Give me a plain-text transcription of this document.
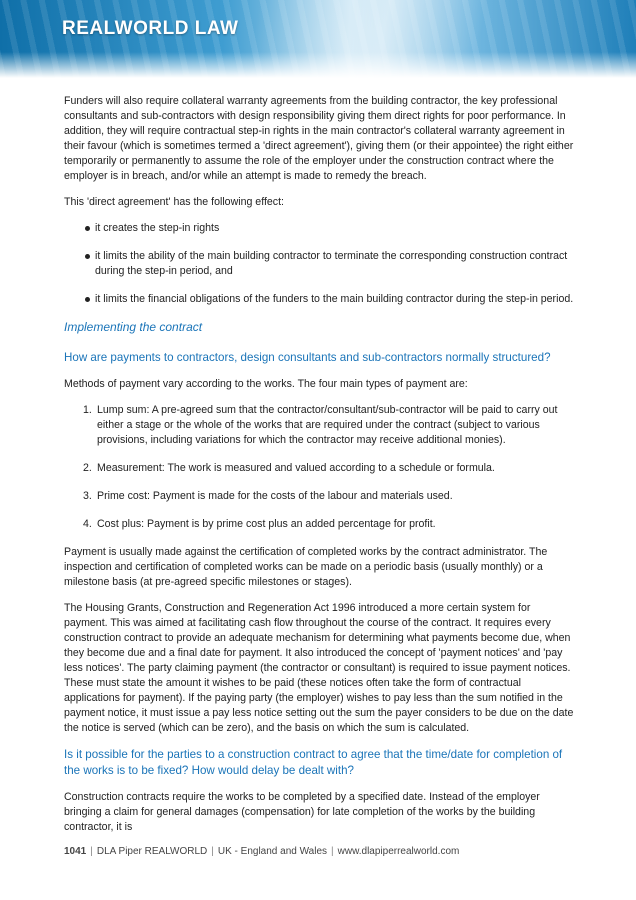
REALWORLD LAW

Funders will also require collateral warranty agreements from the building contractor, the key professional consultants and sub-contractors with design responsibility giving them direct rights for poor performance. In addition, they will require contractual step-in rights in the main contractor's collateral warranty agreement in their favour (which is sometimes termed a 'direct agreement'), giving them (or their appointee) the right either temporarily or permanently to assume the role of the employer under the construction contract where the employer is in breach, and/or while an attempt is made to remedy the breach.

This 'direct agreement' has the following effect:

it creates the step-in rights
it limits the ability of the main building contractor to terminate the corresponding construction contract during the step-in period, and
it limits the financial obligations of the funders to the main building contractor during the step-in period.
Implementing the contract
How are payments to contractors, design consultants and sub-contractors normally structured?

Methods of payment vary according to the works. The four main types of payment are:

1. Lump sum: A pre-agreed sum that the contractor/consultant/sub-contractor will be paid to carry out either a stage or the whole of the works that are required under the contract (subject to various provisions, including variations for which the contractor may receive additional monies).
2. Measurement: The work is measured and valued according to a schedule or formula.
3. Prime cost: Payment is made for the costs of the labour and materials used.
4. Cost plus: Payment is by prime cost plus an added percentage for profit.

Payment is usually made against the certification of completed works by the contract administrator. The inspection and certification of completed works can be made on a periodic basis (usually monthly) or a milestone basis (at pre-agreed specific milestones or stages).

The Housing Grants, Construction and Regeneration Act 1996 introduced a more certain system for payment. This was aimed at facilitating cash flow throughout the course of the contract. It requires every construction contract to provide an adequate mechanism for determining what payments become due, when they become due and a final date for payment. It also introduced the concept of 'payment notices' and 'pay less notices'. The party claiming payment (the contractor or consultant) is required to issue payment notices. These must state the amount it wishes to be paid (these notices often take the form of contractual applications for payment). If the paying party (the employer) wishes to pay less than the sum notified in the payment notice, it must issue a pay less notice setting out the sum the payer considers to be due on the date the notice is served (which can be zero), and the basis on which the sum is calculated.

Is it possible for the parties to a construction contract to agree that the time/date for completion of the works is to be fixed? How would delay be dealt with?

Construction contracts require the works to be completed by a specified date. Instead of the employer bringing a claim for general damages (compensation) for late completion of the works by the building contractor, it is

1041 | DLA Piper REALWORLD | UK - England and Wales | www.dlapiperrealworld.com
